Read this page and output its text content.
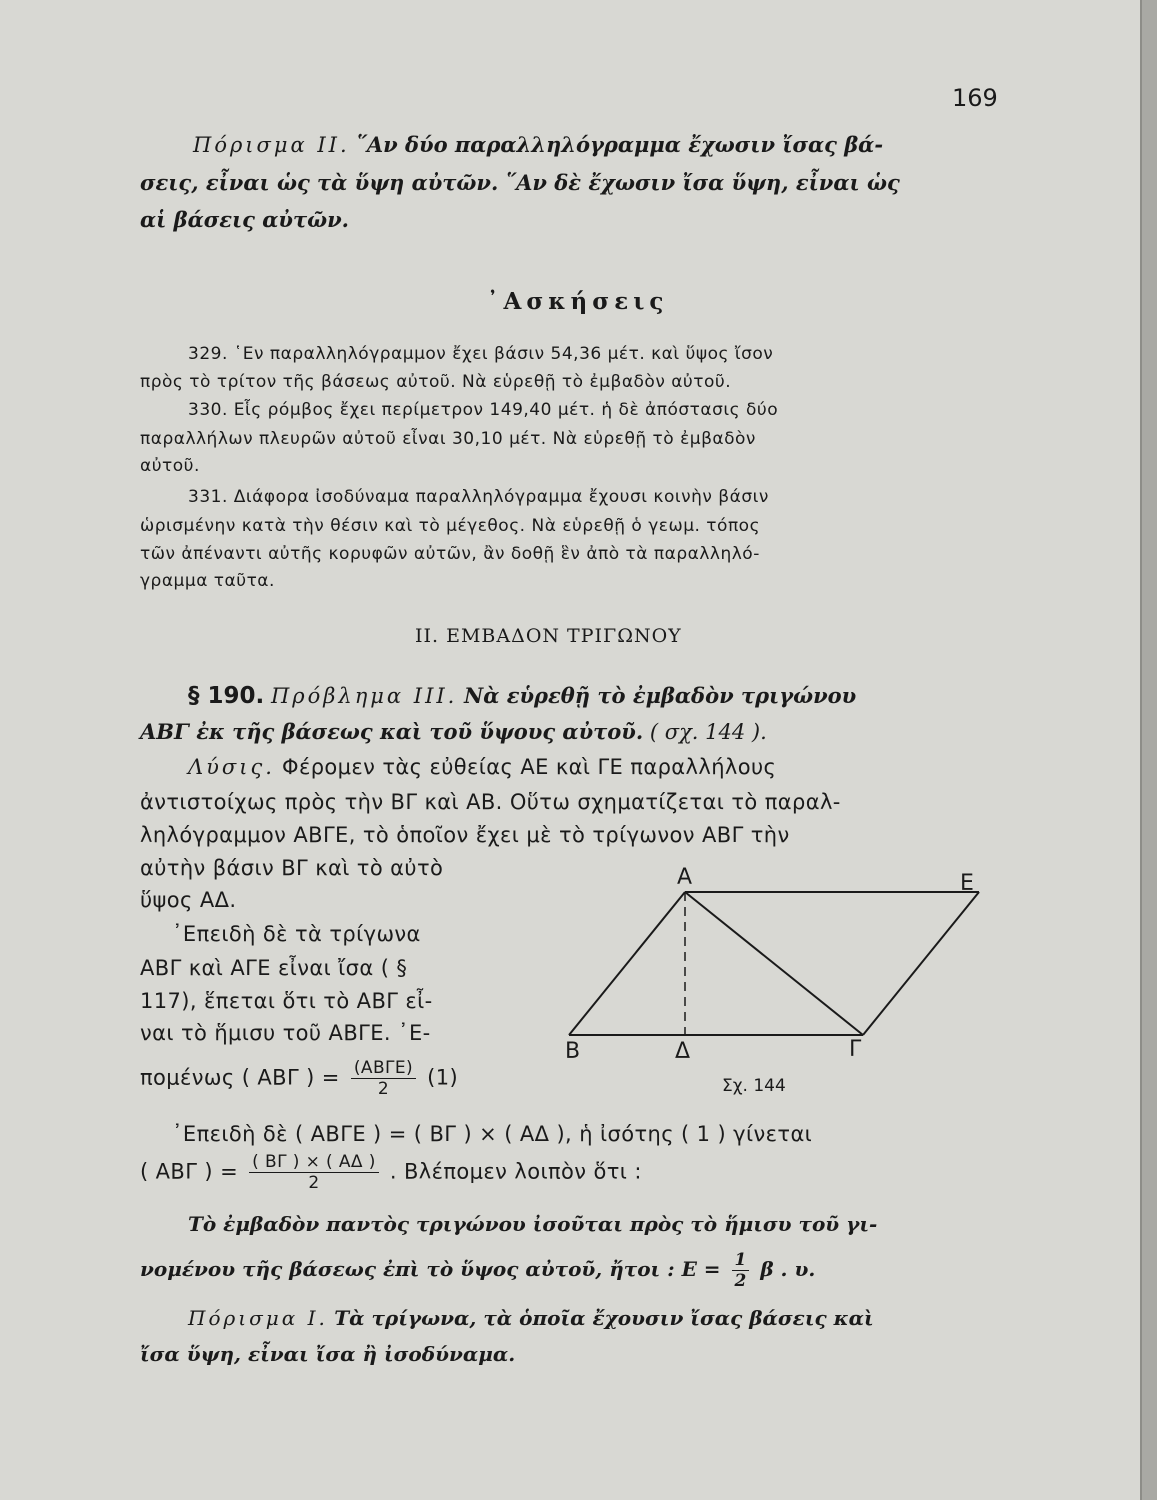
169
Πόρισμα ΙΙ. ῞Αν δύο παραλληλόγραμμα ἔχωσιν ἴσας βά-
σεις, εἶναι ὡς τὰ ὕψη αὐτῶν. ῞Αν δὲ ἔχωσιν ἴσα ὕψη, εἶναι ὡς
αἱ βάσεις αὐτῶν.
᾿Ασκήσεις
329. ῾Εν παραλληλόγραμμον ἔχει βάσιν 54,36 μέτ. καὶ ὕψος ἴσον
πρὸς τὸ τρίτον τῆς βάσεως αὐτοῦ. Νὰ εὑρεθῇ τὸ ἐμβαδὸν αὐτοῦ.
330. Εἷς ρόμβος ἔχει περίμετρον 149,40 μέτ. ἡ δὲ ἀπόστασις δύο
παραλλήλων πλευρῶν αὐτοῦ εἶναι 30,10 μέτ. Νὰ εὑρεθῇ τὸ ἐμβαδὸν
αὐτοῦ.
331. Διάφορα ἰσοδύναμα παραλληλόγραμμα ἔχουσι κοινὴν βάσιν
ὡρισμένην κατὰ τὴν θέσιν καὶ τὸ μέγεθος. Νὰ εὑρεθῇ ὁ γεωμ. τόπος
τῶν ἀπέναντι αὐτῆς κορυφῶν αὐτῶν, ἂν δοθῇ ἓν ἀπὸ τὰ παραλληλό-
γραμμα ταῦτα.
ΙΙ. ΕΜΒΑΔΟΝ ΤΡΙΓΩΝΟΥ
§ 190. Πρόβλημα ΙΙΙ. Νὰ εὑρεθῇ τὸ ἐμβαδὸν τριγώνου
ΑΒΓ ἐκ τῆς βάσεως καὶ τοῦ ὕψους αὐτοῦ. ( σχ. 144 ).
Λύσις. Φέρομεν τὰς εὐθείας ΑΕ καὶ ΓΕ παραλλήλους
ἀντιστοίχως πρὸς τὴν ΒΓ καὶ ΑΒ. Οὕτω σχηματίζεται τὸ παραλ-
ληλόγραμμον ΑΒΓΕ, τὸ ὁποῖον ἔχει μὲ τὸ τρίγωνον ΑΒΓ τὴν
αὐτὴν βάσιν ΒΓ καὶ τὸ αὐτὸ
ὕψος ΑΔ.
᾿Επειδὴ δὲ τὰ τρίγωνα
ΑΒΓ καὶ ΑΓΕ εἶναι ἴσα ( §
117), ἕπεται ὅτι τὸ ΑΒΓ εἶ-
ναι τὸ ἥμισυ τοῦ ΑΒΓΕ. ᾿Ε-
πομένως ( ΑΒΓ ) = $\frac{\text{(ΑΒΓΕ)}}{2} (1)$
᾿Επειδὴ δὲ ( ΑΒΓΕ ) = ( ΒΓ ) × ( ΑΔ ), ἡ ἰσότης ( 1 ) γίνεται
( ΑΒΓ ) = $\frac{( B\Gamma ) \times ( A\Delta )}{2}$ . Βλέπομεν λοιπὸν ὅτι :
Τὸ ἐμβαδὸν παντὸς τριγώνου ἰσοῦται πρὸς τὸ ἥμισυ τοῦ γι-
νομένου τῆς βάσεως ἐπὶ τὸ ὕψος αὐτοῦ, ἤτοι : $E = \frac{1}{2}$ β . υ.
Πόρισμα Ι. Τὰ τρίγωνα, τὰ ὁποῖα ἔχουσιν ἴσας βάσεις καὶ
ἴσα ὕψη, εἶναι ἴσα ἢ ἰσοδύναμα.
Α	Ε
Β	Δ	Γ
Σχ. 144
